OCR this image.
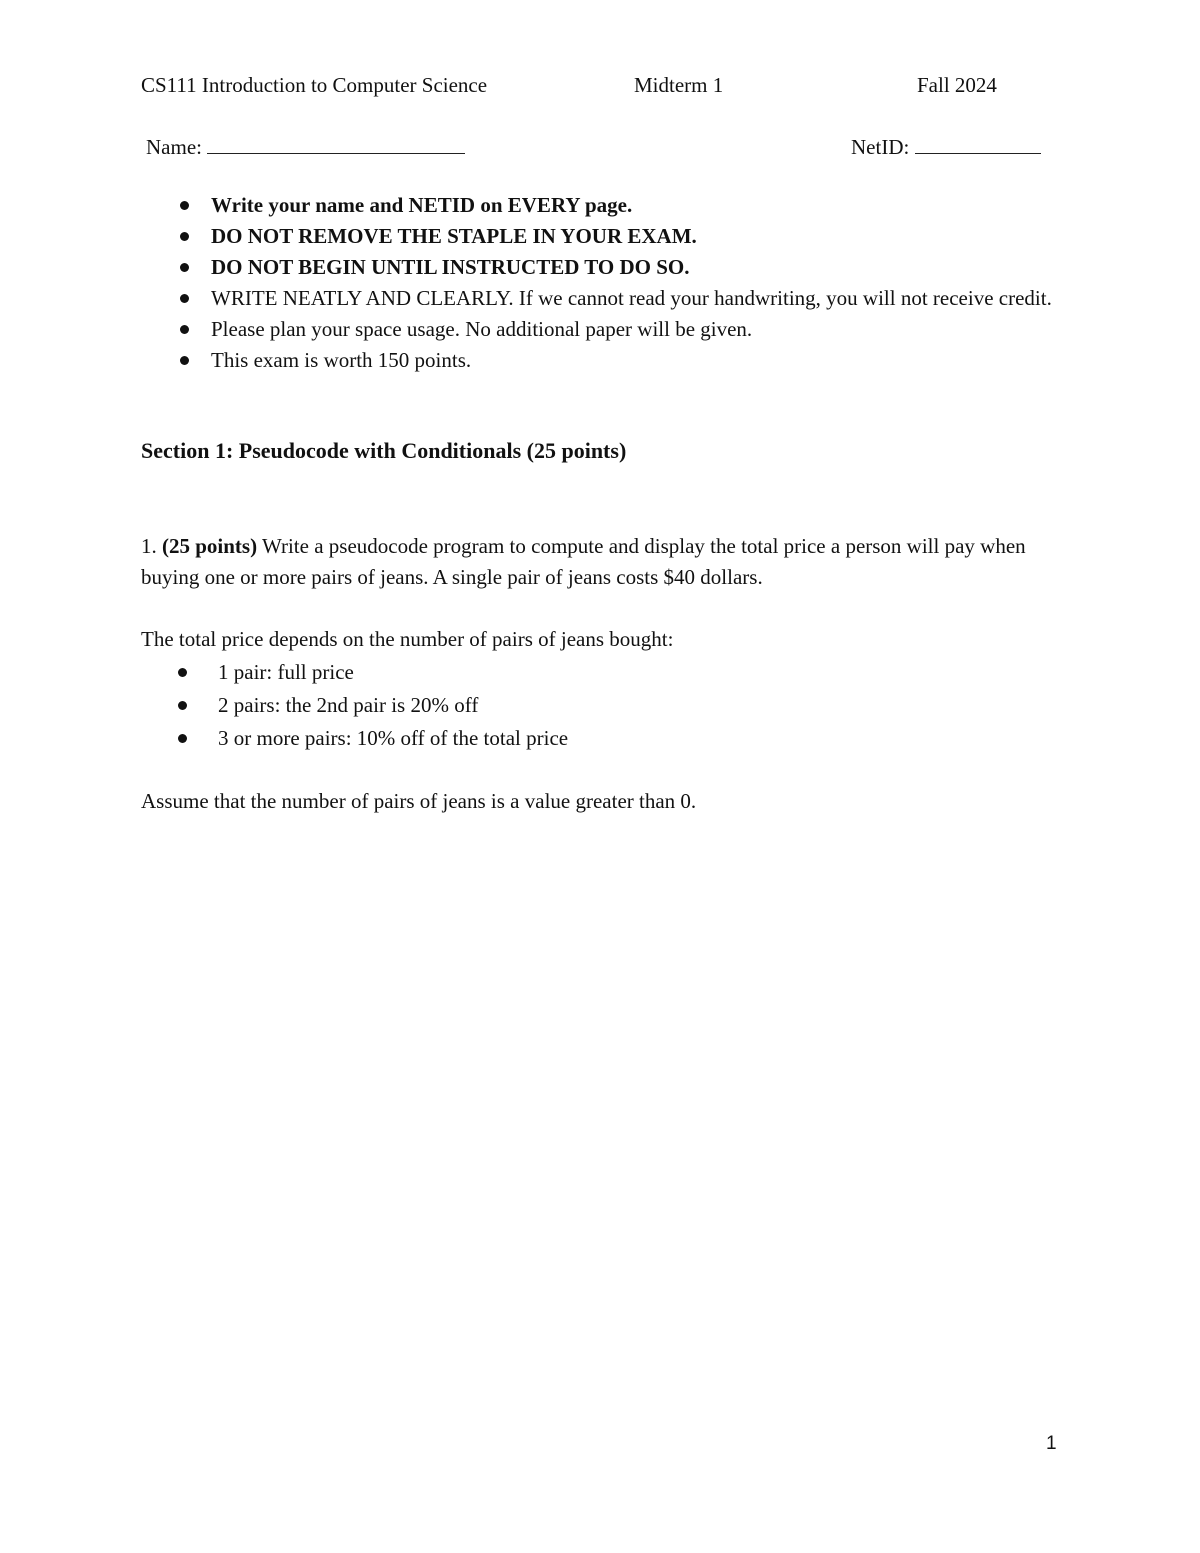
CS111 Introduction to Computer Science	Midterm 1	Fall 2024
Name:	NetID:
Write your name and NETID on EVERY page.
DO NOT REMOVE THE STAPLE IN YOUR EXAM.
DO NOT BEGIN UNTIL INSTRUCTED TO DO SO.
WRITE NEATLY AND CLEARLY. If we cannot read your handwriting, you will not receive credit.
Please plan your space usage. No additional paper will be given.
This exam is worth 150 points.
Section 1: Pseudocode with Conditionals (25 points)
1. (25 points) Write a pseudocode program to compute and display the total price a person will pay when buying one or more pairs of jeans. A single pair of jeans costs $40 dollars.
The total price depends on the number of pairs of jeans bought:
1 pair: full price
2 pairs: the 2nd pair is 20% off
3 or more pairs: 10% off of the total price
Assume that the number of pairs of jeans is a value greater than 0.
1
